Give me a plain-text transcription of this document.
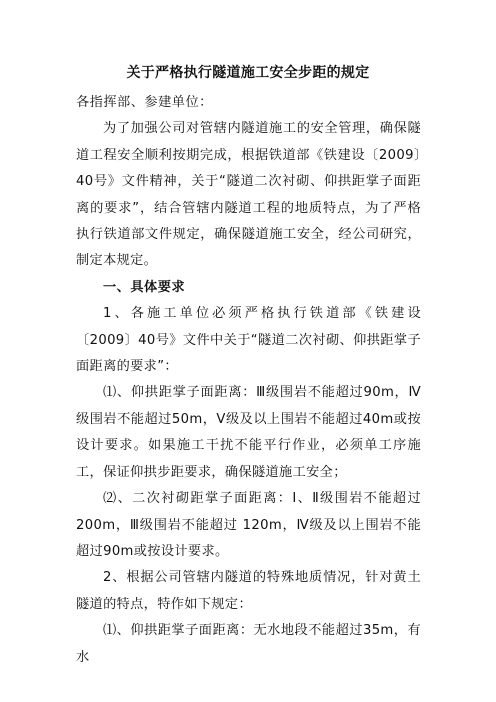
关于严格执行隧道施工安全步距的规定

各指挥部、参建单位：

为了加强公司对管辖内隧道施工的安全管理，确保隧道工程安全顺利按期完成，根据铁道部《铁建设〔2009〕40号》文件精神，关于“隧道二次衬砌、仰拱距掌子面距离的要求”，结合管辖内隧道工程的地质特点，为了严格执行铁道部文件规定，确保隧道施工安全，经公司研究，制定本规定。

一、具体要求

1、各施工单位必须严格执行铁道部《铁建设〔2009〕40号》文件中关于“隧道二次衬砌、仰拱距掌子面距离的要求”：

⑴、仰拱距掌子面距离：Ⅲ级围岩不能超过90m，Ⅳ级围岩不能超过50m，Ⅴ级及以上围岩不能超过40m或按设计要求。如果施工干扰不能平行作业，必须单工序施工，保证仰拱步距要求，确保隧道施工安全；

⑵、二次衬砌距掌子面距离：Ⅰ、Ⅱ级围岩不能超过200m，Ⅲ级围岩不能超过 120m，Ⅳ级及以上围岩不能超过90m或按设计要求。

2、根据公司管辖内隧道的特殊地质情况，针对黄土隧道的特点，特作如下规定：

⑴、仰拱距掌子面距离：无水地段不能超过35m，有水
